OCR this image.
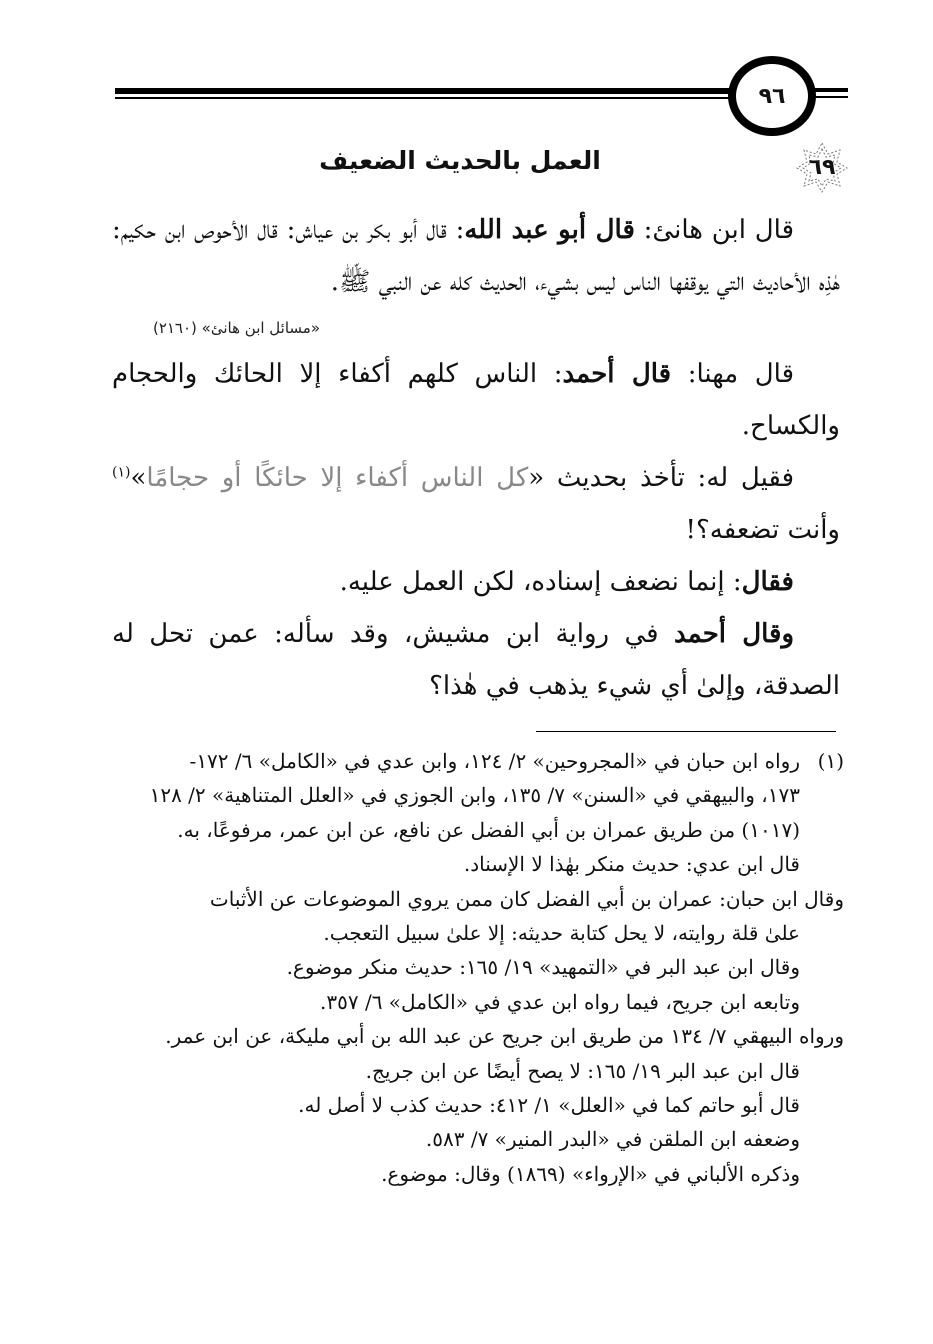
٩٦
٦٩
العمل بالحديث الضعيف

قال ابن هانئ: قال أبو عبد الله: قال أبو بكر بن عياش: قال الأحوص ابن حكيم: هٰذِه الأحاديث التي يوقفها الناس ليس بشيء، الحديث كله عن النبي ﷺ.

«مسائل ابن هانئ» (٢١٦٠)

قال مهنا: قال أحمد: الناس كلهم أكفاء إلا الحائك والحجام والكساح.

فقيل له: تأخذ بحديث «كل الناس أكفاء إلا حائكًا أو حجامًا»$^{(١)}$ وأنت تضعفه؟!

فقال: إنما نضعف إسناده، لكن العمل عليه.

وقال أحمد في رواية ابن مشيش، وقد سأله: عمن تحل له الصدقة، وإلىٰ أي شيء يذهب في هٰذا؟

(١)
رواه ابن حبان في «المجروحين» ٢/ ١٢٤، وابن عدي في «الكامل» ٦/ ١٧٢-
١٧٣، والبيهقي في «السنن» ٧/ ١٣٥، وابن الجوزي في «العلل المتناهية» ٢/ ١٢٨
(١٠١٧) من طريق عمران بن أبي الفضل عن نافع، عن ابن عمر، مرفوعًا، به.
قال ابن عدي: حديث منكر بهٰذا لا الإسناد.
وقال ابن حبان: عمران بن أبي الفضل كان ممن يروي الموضوعات عن الأثبات
علىٰ قلة روايته، لا يحل كتابة حديثه: إلا علىٰ سبيل التعجب.
وقال ابن عبد البر في «التمهيد» ١٩/ ١٦٥: حديث منكر موضوع.
وتابعه ابن جريح، فيما رواه ابن عدي في «الكامل» ٦/ ٣٥٧.
ورواه البيهقي ٧/ ١٣٤ من طريق ابن جريح عن عبد الله بن أبي مليكة، عن ابن عمر.
قال ابن عبد البر ١٩/ ١٦٥: لا يصح أيضًا عن ابن جريج.
قال أبو حاتم كما في «العلل» ١/ ٤١٢: حديث كذب لا أصل له.
وضعفه ابن الملقن في «البدر المنير» ٧/ ٥٨٣.
وذكره الألباني في «الإرواء» (١٨٦٩) وقال: موضوع.
